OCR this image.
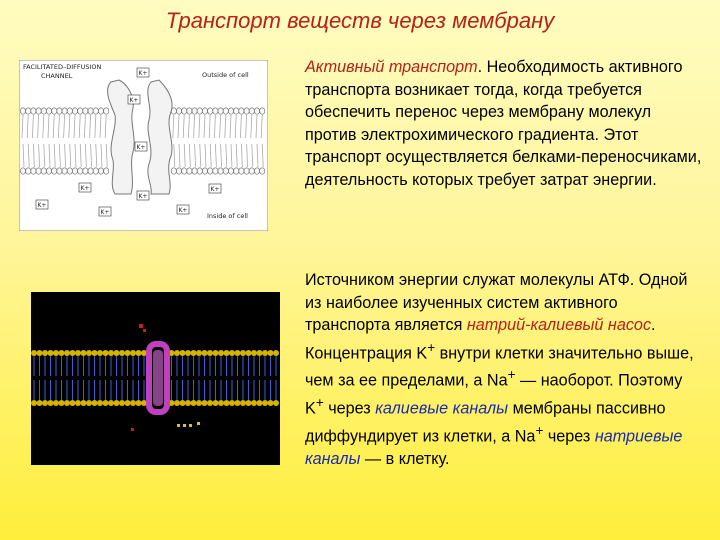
Транспорт веществ через мембрану
FACILITATED–DIFFUSION
CHANNEL	Outside of cell
Inside of cell
K+
K+
K+
K+	K+
K+
K+
K+	K+
Активный транспорт. Необходимость активного транспорта возникает тогда, когда требуется обеспечить перенос через мембрану молекул против электрохимического градиента. Этот транспорт осуществляется белками-переносчиками, деятельность которых требует затрат энергии.
Источником энергии служат молекулы АТФ. Одной из наиболее изученных систем активного транспорта является натрий-калиевый насос. Концентрация K+ внутри клетки значительно выше, чем за ее пределами, а Na+ — наоборот. Поэтому K+ через калиевые каналы мембраны пассивно диффундирует из клетки, а Na+ через натриевые каналы — в клетку.
